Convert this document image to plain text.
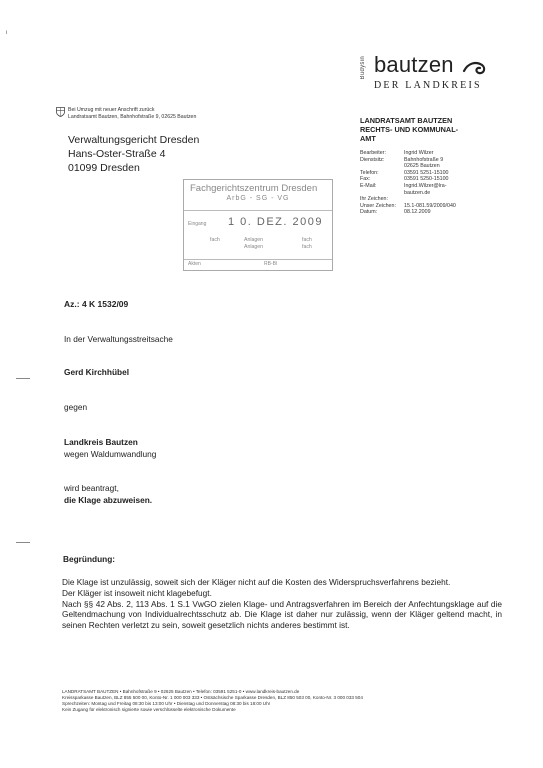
ι
Budyšin bautzen
DER LANDKREIS
Bei Umzug mit neuer Anschrift zurück
Landratsamt Bautzen, Bahnhofstraße 9, 02625 Bautzen
Verwaltungsgericht Dresden
Hans-Oster-Straße 4
01099 Dresden
LANDRATSAMT BAUTZEN
RECHTS- UND KOMMUNAL-
AMT
Bearbeiter:	Ingrid Wilzer
Dienstsitz:	Bahnhofstraße 9
	02625 Bautzen
Telefon:	03591 5251-15100
Fax:	03591 5250-15100
E-Mail:	Ingrid.Wilzer@lra-
	bautzen.de
Ihr Zeichen:	
Unser Zeichen:	15.1-081.59/2009/040
Datum:	08.12.2009
Fachgerichtszentrum Dresden
ArbG - SG - VG
Eingang 1 0. DEZ. 2009
fach	Anlagen
Anlagen
fach
fach
Akten	RB-Bl
Az.: 4 K 1532/09
In der Verwaltungsstreitsache
Gerd Kirchhübel
gegen
Landkreis Bautzen
wegen Waldumwandlung
wird beantragt,
die Klage abzuweisen.
Begründung:
Die Klage ist unzulässig, soweit sich der Kläger nicht auf die Kosten des Widerspruchsverfahrens bezieht.
Der Kläger ist insoweit nicht klagebefugt.
Nach §§ 42 Abs. 2, 113 Abs. 1 S.1 VwGO zielen Klage- und Antragsverfahren im Bereich der Anfechtungsklage auf die Geltendmachung von Individualrechtsschutz ab. Die Klage ist daher nur zulässig, wenn der Kläger geltend macht, in seinen Rechten verletzt zu sein, soweit gesetzlich nichts anderes bestimmt ist.
LANDRATSAMT BAUTZEN • Bahnhofstraße 9 • 02625 Bautzen • Telefon: 03591 5251-0 • www.landkreis-bautzen.de
Kreissparkasse Bautzen, BLZ 855 500 00, Konto-Nr. 1 000 003 333 • Ostsächsische Sparkasse Dresden, BLZ 850 503 00, Konto-Nr. 3 000 033 504
Sprechzeiten: Montag und Freitag 08:30 bis 13:00 Uhr • Dienstag und Donnerstag 08:30 bis 18:00 Uhr
Kein Zugang für elektronisch signierte sowie verschlüsselte elektronische Dokumente
